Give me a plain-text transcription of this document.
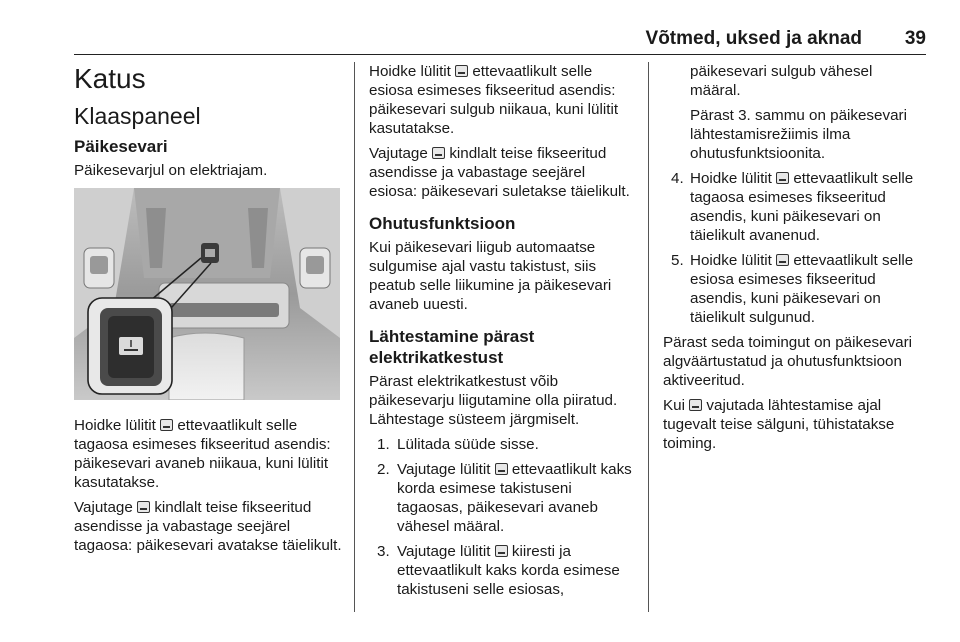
Võtmed, uksed ja aknad 39
Katus
Klaaspaneel
Päikesevari

Päikesevarjul on elektriajam.

Hoidke lülitit ettevaatlikult selle tagaosa esimeses fikseeritud asendis: päikesevari avaneb niikaua, kuni lülitit kasutatakse.

Vajutage kindlalt teise fikseeritud asendisse ja vabastage seejärel tagaosa: päikesevari avatakse täielikult.

Hoidke lülitit ettevaatlikult selle esiosa esimeses fikseeritud asendis: päikesevari sulgub niikaua, kuni lülitit kasutatakse.

Vajutage kindlalt teise fikseeritud asendisse ja vabastage seejärel esiosa: päikesevari suletakse täielikult.

Ohutusfunktsioon

Kui päikesevari liigub automaatse sulgumise ajal vastu takistust, siis peatub selle liikumine ja päikesevari avaneb uuesti.

Lähtestamine pärast elektrikatkestust

Pärast elektrikatkestust võib päikesevarju liigutamine olla piiratud. Lähtestage süsteem järgmiselt.

1. Lülitada süüde sisse.
2. Vajutage lülitit ettevaatlikult kaks korda esimese takistuseni tagaosas, päikesevari avaneb vähesel määral.
3. Vajutage lülitit kiiresti ja ettevaatlikult kaks korda esimese takistuseni selle esiosas,

päikesevari sulgub vähesel määral.

Pärast 3. sammu on päikesevari lähtestamisrežiimis ilma ohutusfunktsioonita.

4. Hoidke lülitit ettevaatlikult selle tagaosa esimeses fikseeritud asendis, kuni päikesevari on täielikult avanenud.
5. Hoidke lülitit ettevaatlikult selle esiosa esimeses fikseeritud asendis, kuni päikesevari on täielikult sulgunud.

Pärast seda toimingut on päikesevari algväärtustatud ja ohutusfunktsioon aktiveeritud.

Kui vajutada lähtestamise ajal tugevalt teise sälguni, tühistatakse toiming.
